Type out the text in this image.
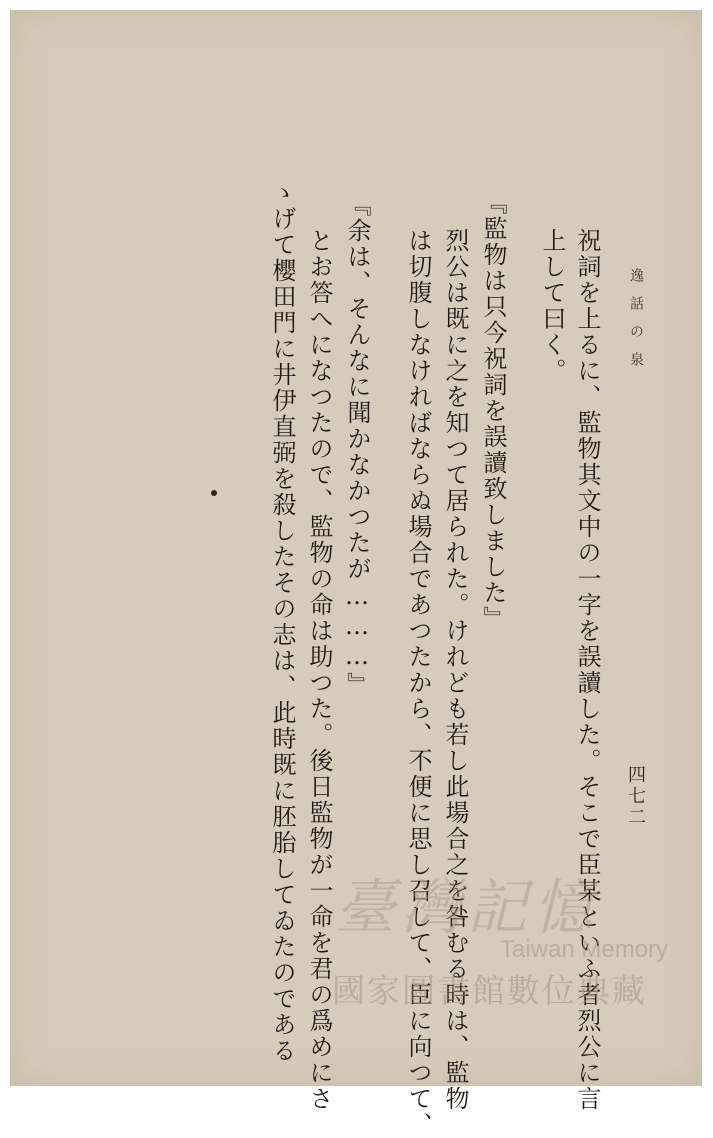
逸話の泉
四七二
祝詞を上るに、監物其文中の一字を誤讀した。そこで臣某といふ者烈公に言
上して曰く。
『監物は只今祝詞を誤讀致しました』
烈公は既に之を知つて居られた。けれども若し此場合之を咎むる時は、監物
は切腹しなければならぬ場合であつたから、不便に思し召して、臣に向つて、
『余は、そんなに聞かなかつたが………』
とお答へになつたので、監物の命は助つた。後日監物が一命を君の爲めにさ
ゝげて櫻田門に井伊直弼を殺したその志は、此時既に胚胎してゐたのである 臺灣記憶
Taiwan Memory
國家圖書館數位典藏
